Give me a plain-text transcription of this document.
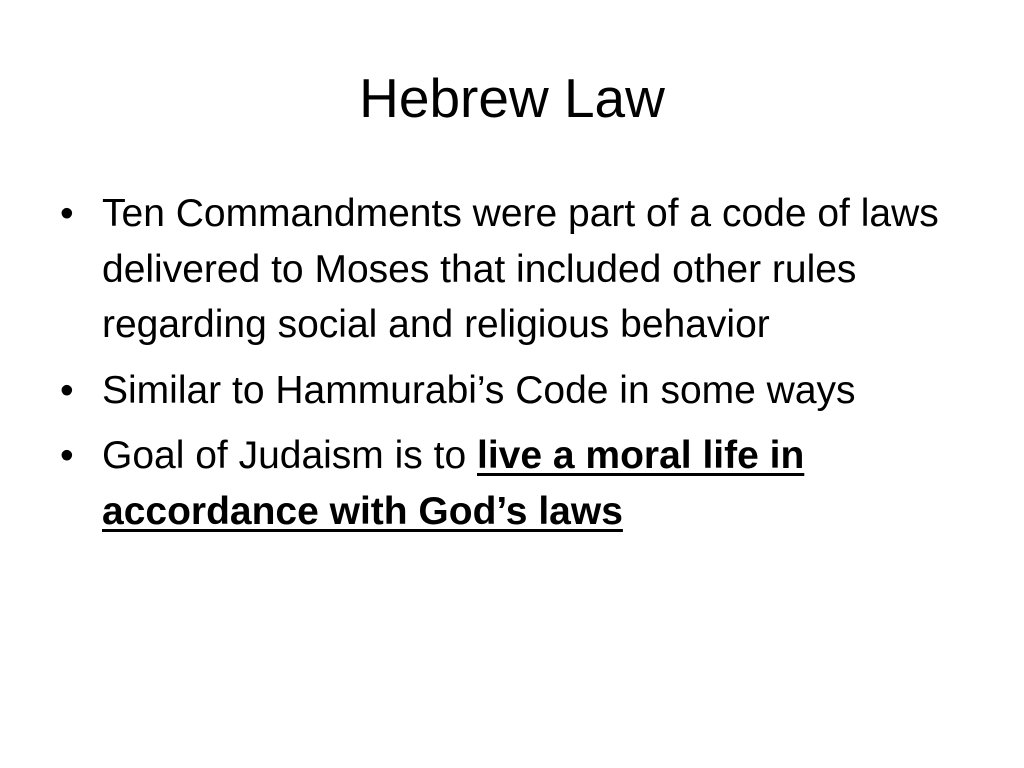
Hebrew Law
• Ten Commandments were part of a code of laws delivered to Moses that included other rules regarding social and religious behavior
• Similar to Hammurabi’s Code in some ways
• Goal of Judaism is to live a moral life in accordance with God’s laws
